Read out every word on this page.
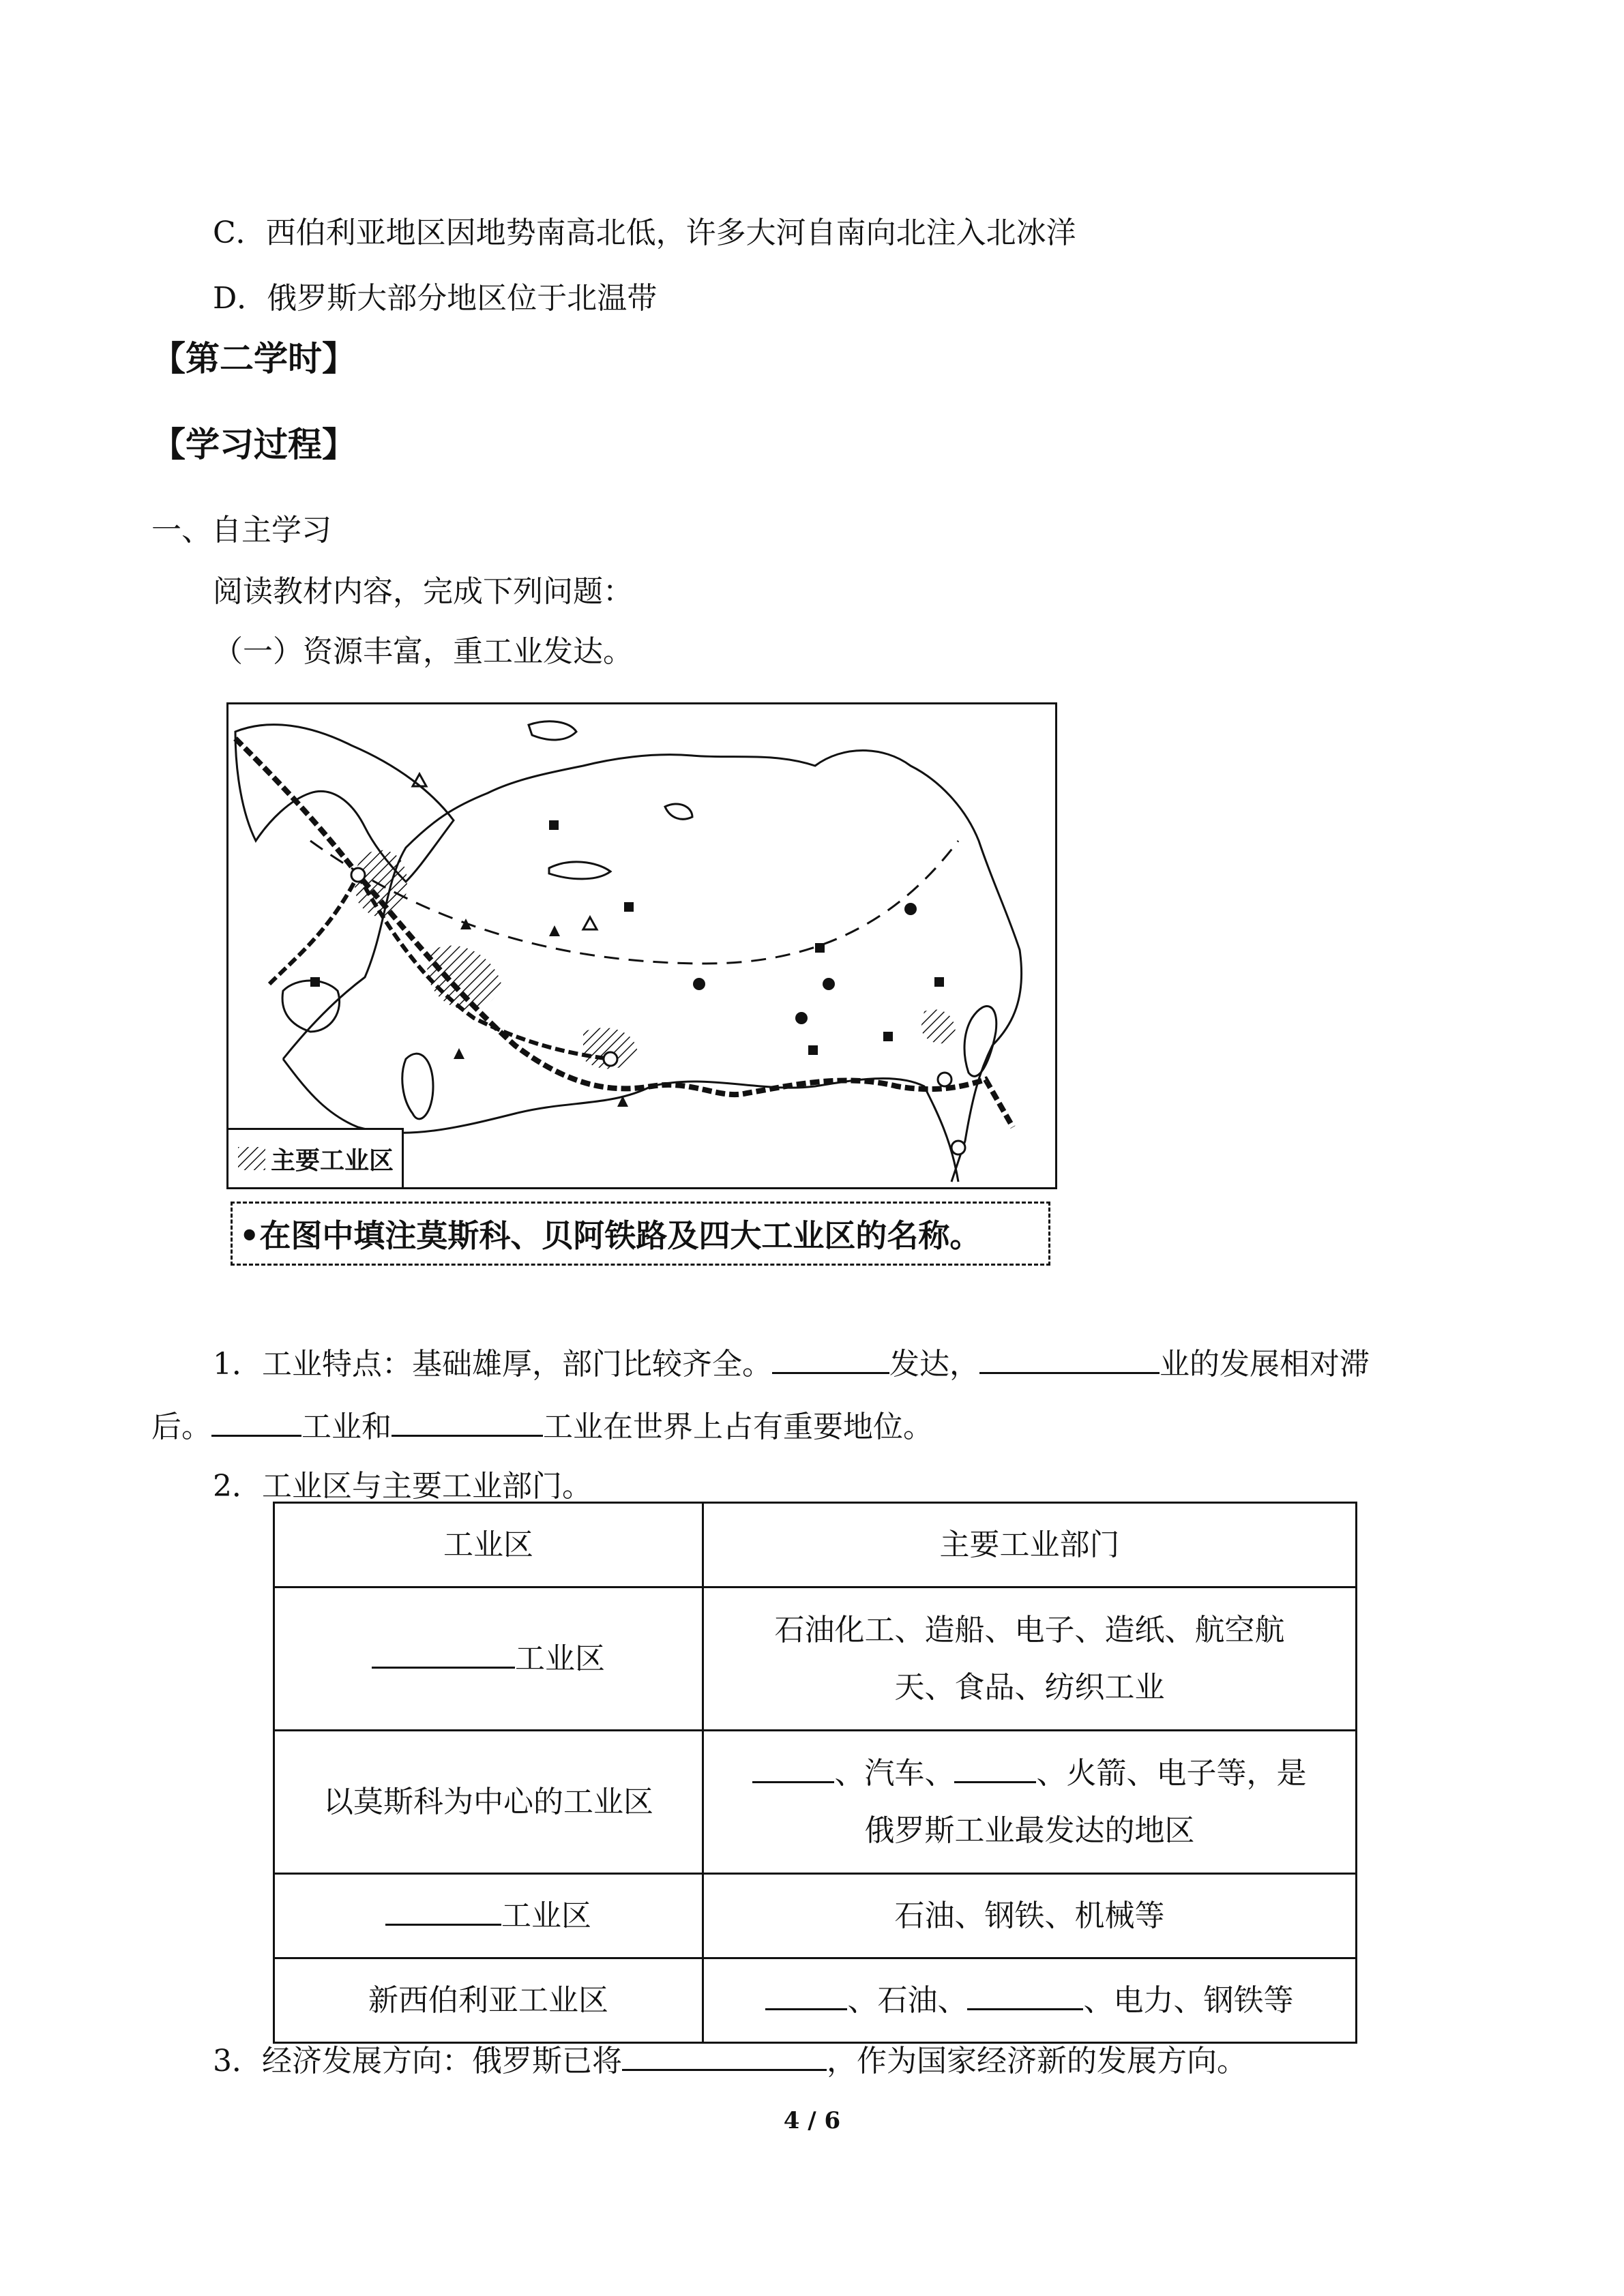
C．西伯利亚地区因地势南高北低，许多大河自南向北注入北冰洋
D．俄罗斯大部分地区位于北温带
【第二学时】
【学习过程】
一、自主学习
阅读教材内容，完成下列问题：
（一）资源丰富，重工业发达。
主要工业区
•在图中填注莫斯科、贝阿铁路及四大工业区的名称。
1．工业特点：基础雄厚，部门比较齐全。	发达，	业的发展相对滞
后。	工业和	工业在世界上占有重要地位。
2．工业区与主要工业部门。
工业区	主要工业部门
工业区	石油化工、造船、电子、造纸、航空航
天、食品、纺织工业
以莫斯科为中心的工业区	、汽车、 、火箭、电子等，是
俄罗斯工业最发达的地区
工业区	石油、钢铁、机械等
新西伯利亚工业区	、石油、 、电力、钢铁等
3．经济发展方向：俄罗斯已将	，作为国家经济新的发展方向。
4 / 6
